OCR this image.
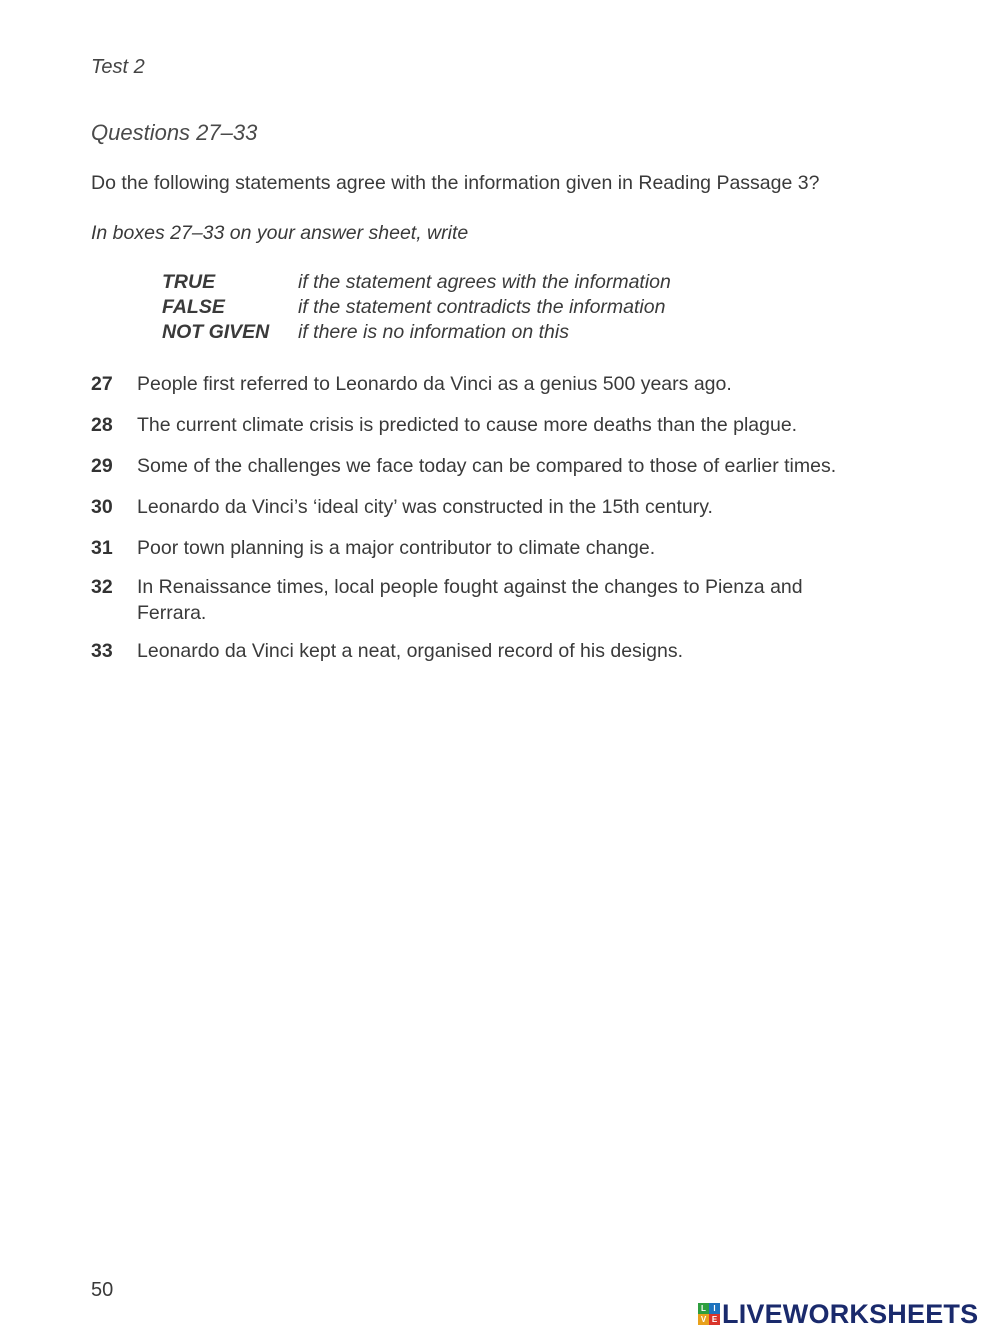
Test 2
Questions 27–33
Do the following statements agree with the information given in Reading Passage 3?
In boxes 27–33 on your answer sheet, write
TRUE	if the statement agrees with the information
FALSE	if the statement contradicts the information
NOT GIVEN	if there is no information on this
27	People first referred to Leonardo da Vinci as a genius 500 years ago.
28	The current climate crisis is predicted to cause more deaths than the plague.
29	Some of the challenges we face today can be compared to those of earlier times.
30	Leonardo da Vinci’s ‘ideal city’ was constructed in the 15th century.
31	Poor town planning is a major contributor to climate change.
32	In Renaissance times, local people fought against the changes to Pienza and Ferrara.
33	Leonardo da Vinci kept a neat, organised record of his designs.
50
L I
V E LIVEWORKSHEETS
